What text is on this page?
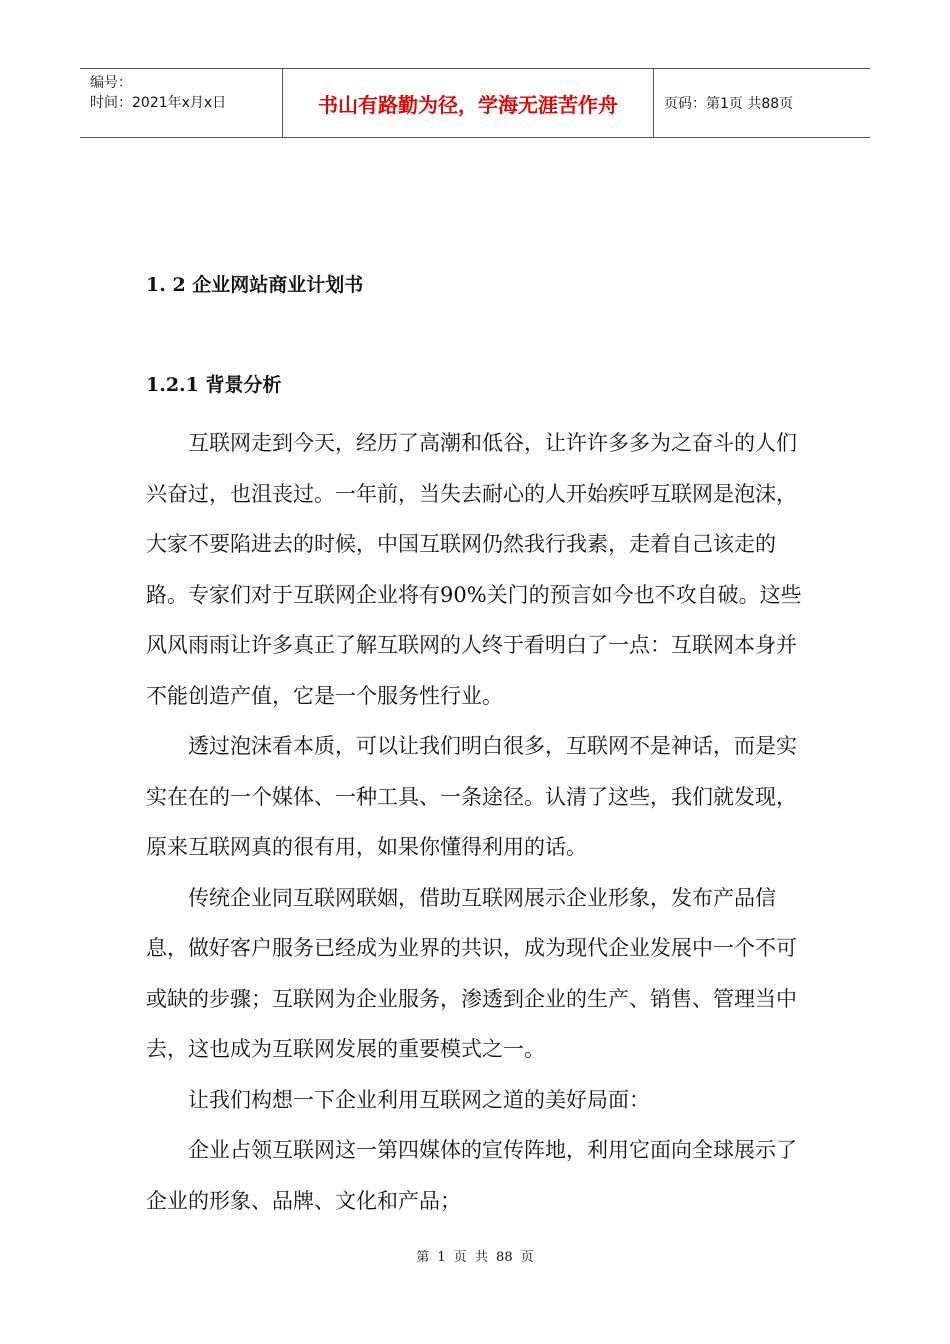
编号：
时间：2021年x月x日	书山有路勤为径，学海无涯苦作舟	页码：第1页 共88页
1. 2 企业网站商业计划书
1.2.1 背景分析

互联网走到今天，经历了高潮和低谷，让许许多多为之奋斗的人们兴奋过，也沮丧过。一年前，当失去耐心的人开始疾呼互联网是泡沫，大家不要陷进去的时候，中国互联网仍然我行我素，走着自己该走的路。专家们对于互联网企业将有90%关门的预言如今也不攻自破。这些风风雨雨让许多真正了解互联网的人终于看明白了一点：互联网本身并不能创造产值，它是一个服务性行业。

透过泡沫看本质，可以让我们明白很多，互联网不是神话，而是实实在在的一个媒体、一种工具、一条途径。认清了这些，我们就发现，原来互联网真的很有用，如果你懂得利用的话。

传统企业同互联网联姻，借助互联网展示企业形象，发布产品信息，做好客户服务已经成为业界的共识，成为现代企业发展中一个不可或缺的步骤；互联网为企业服务，渗透到企业的生产、销售、管理当中去，这也成为互联网发展的重要模式之一。

让我们构想一下企业利用互联网之道的美好局面：

企业占领互联网这一第四媒体的宣传阵地，利用它面向全球展示了企业的形象、品牌、文化和产品；

第 1 页 共 88 页
